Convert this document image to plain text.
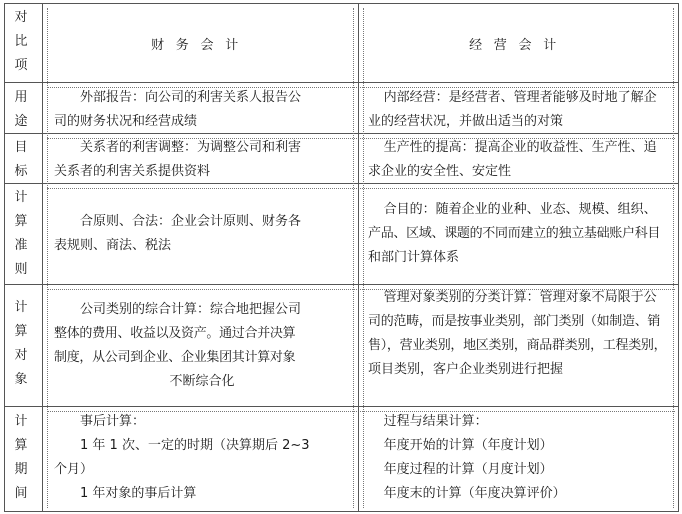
对比项
财务会计	经营会计
用途
外部报告：向公司的利害关系人报告公
司的财务状况和经营成绩
内部经营：是经营者、管理者能够及时地了解企
业的经营状况，并做出适当的对策
目标
关系者的利害调整：为调整公司和利害
关系者的利害关系提供资料
生产性的提高：提高企业的收益性、生产性、追
求企业的安全性、安定性
计算准则
合原则、合法：企业会计原则、财务各
表规则、商法、税法
合目的：随着企业的业种、业态、规模、组织、
产品、区域、课题的不同而建立的独立基础账户科目
和部门计算体系
计算对象
公司类别的综合计算：综合地把握公司
整体的费用、收益以及资产。通过合并决算
制度，从公司到企业、企业集团其计算对象
不断综合化
管理对象类别的分类计算：管理对象不局限于公
司的范畴，而是按事业类别，部门类别（如制造、销
售），营业类别，地区类别，商品群类别，工程类别，
项目类别，客户企业类别进行把握
计算期间
事后计算：
1 年 1 次、一定的时期（决算期后 2~3
个月）
1 年对象的事后计算
过程与结果计算：
年度开始的计算（年度计划）
年度过程的计算（月度计划）
年度末的计算（年度决算评价）
